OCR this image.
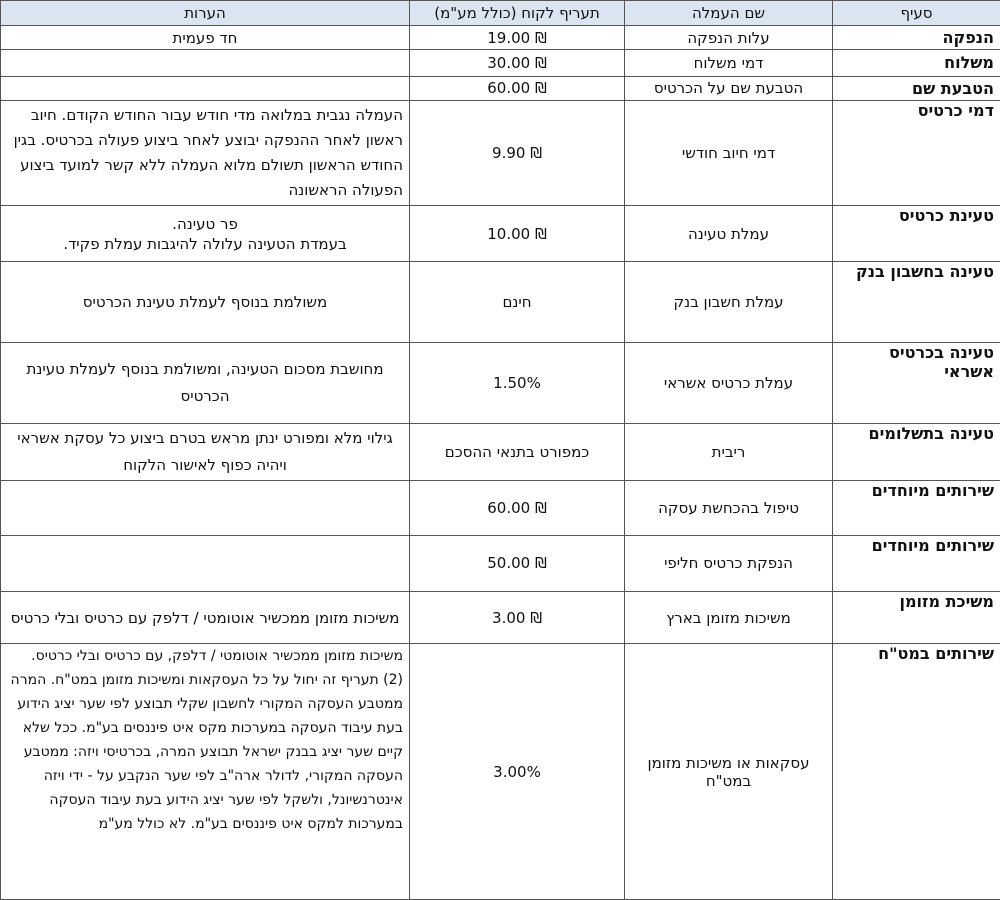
סעיף	שם העמלה	תעריף לקוח (כולל מע"מ)	הערות
הנפקה	עלות הנפקה	₪ 19.00	חד פעמית
משלוח	דמי משלוח	₪ 30.00	
הטבעת שם	הטבעת שם על הכרטיס	₪ 60.00	
דמי כרטיס	דמי חיוב חודשי	₪ 9.90	העמלה נגבית במלואה מדי חודש עבור החודש הקודם. חיוב ראשון לאחר ההנפקה יבוצע לאחר ביצוע פעולה בכרטיס. בגין החודש הראשון תשולם מלוא העמלה ללא קשר למועד ביצוע הפעולה הראשונה
טעינת כרטיס	עמלת טעינה	₪ 10.00	פר טעינה.
בעמדת הטעינה עלולה להיגבות עמלת פקיד.

טעינה בחשבון בנק	עמלת חשבון בנק	חינם	משולמת בנוסף לעמלת טעינת הכרטיס
טעינה בכרטיס אשראי	עמלת כרטיס אשראי	1.50%	מחושבת מסכום הטעינה, ומשולמת בנוסף לעמלת טעינת הכרטיס
טעינה בתשלומים	ריבית	כמפורט בתנאי ההסכם	גילוי מלא ומפורט ינתן מראש בטרם ביצוע כל עסקת אשראי ויהיה כפוף לאישור הלקוח
שירותים מיוחדים	טיפול בהכחשת עסקה	₪ 60.00	
שירותים מיוחדים	הנפקת כרטיס חליפי	₪ 50.00	
משיכת מזומן	משיכות מזומן בארץ	₪ 3.00	משיכות מזומן ממכשיר אוטומטי / דלפק עם כרטיס ובלי כרטיס
שירותים במט"ח	עסקאות או משיכות מזומן במט"ח	3.00%	משיכות מזומן ממכשיר אוטומטי / דלפק, עם כרטיס ובלי כרטיס. (2) תעריף זה יחול על כל העסקאות ומשיכות מזומן במט"ח. המרה ממטבע העסקה המקורי לחשבון שקלי תבוצע לפי שער יציג הידוע בעת עיבוד העסקה במערכות מקס איט פיננסים בע"מ. ככל שלא קיים שער יציג בבנק ישראל תבוצע המרה, בכרטיסי ויזה: ממטבע העסקה המקורי, לדולר ארה"ב לפי שער הנקבע על - ידי ויזה אינטרנשיונל, ולשקל לפי שער יציג הידוע בעת עיבוד העסקה במערכות למקס איט פיננסים בע"מ. לא כולל מע"מ
